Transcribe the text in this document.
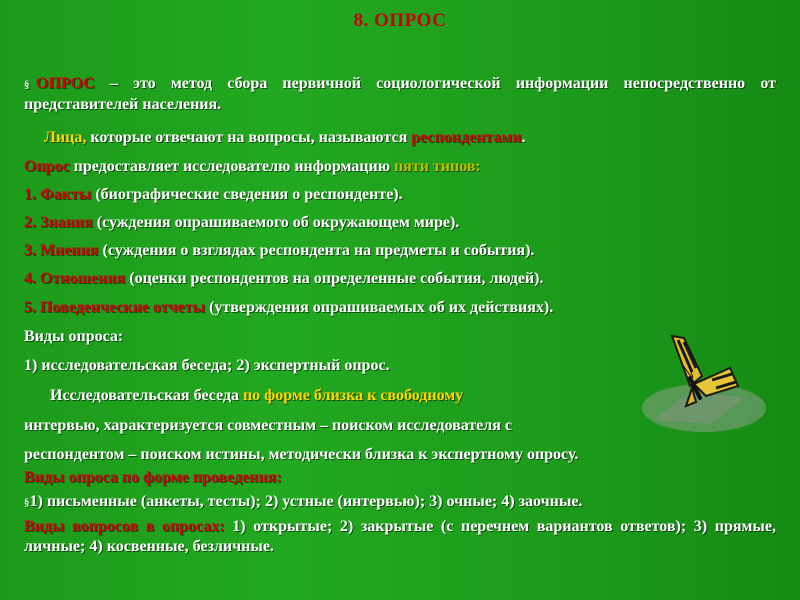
8. ОПРОС
§ ОПРОС – это метод сбора первичной социологической информации непосредственно от представителей населения.
Лица, которые отвечают на вопросы, называются респондентами.
Опрос предоставляет исследователю информацию пяти типов:
1. Факты (биографические сведения о респонденте).
2. Знания (суждения опрашиваемого об окружающем мире).
3. Мнения (суждения о взглядах респондента на предметы и события).
4. Отношения (оценки респондентов на определенные события, людей).
5. Поведенческие отчеты (утверждения опрашиваемых об их действиях).
Виды опроса:
1) исследовательская беседа; 2) экспертный опрос.
Исследовательская беседа по форме близка к свободному
интервью, характеризуется совместным – поиском исследователя с
респондентом – поиском истины, методически близка к экспертному опросу.
Виды опроса по форме проведения:
§1) письменные (анкеты, тесты); 2) устные (интервью); 3) очные; 4) заочные.
Виды вопросов в опросах: 1) открытые; 2) закрытые (с перечнем вариантов ответов); 3) прямые, личные; 4) косвенные, безличные.
